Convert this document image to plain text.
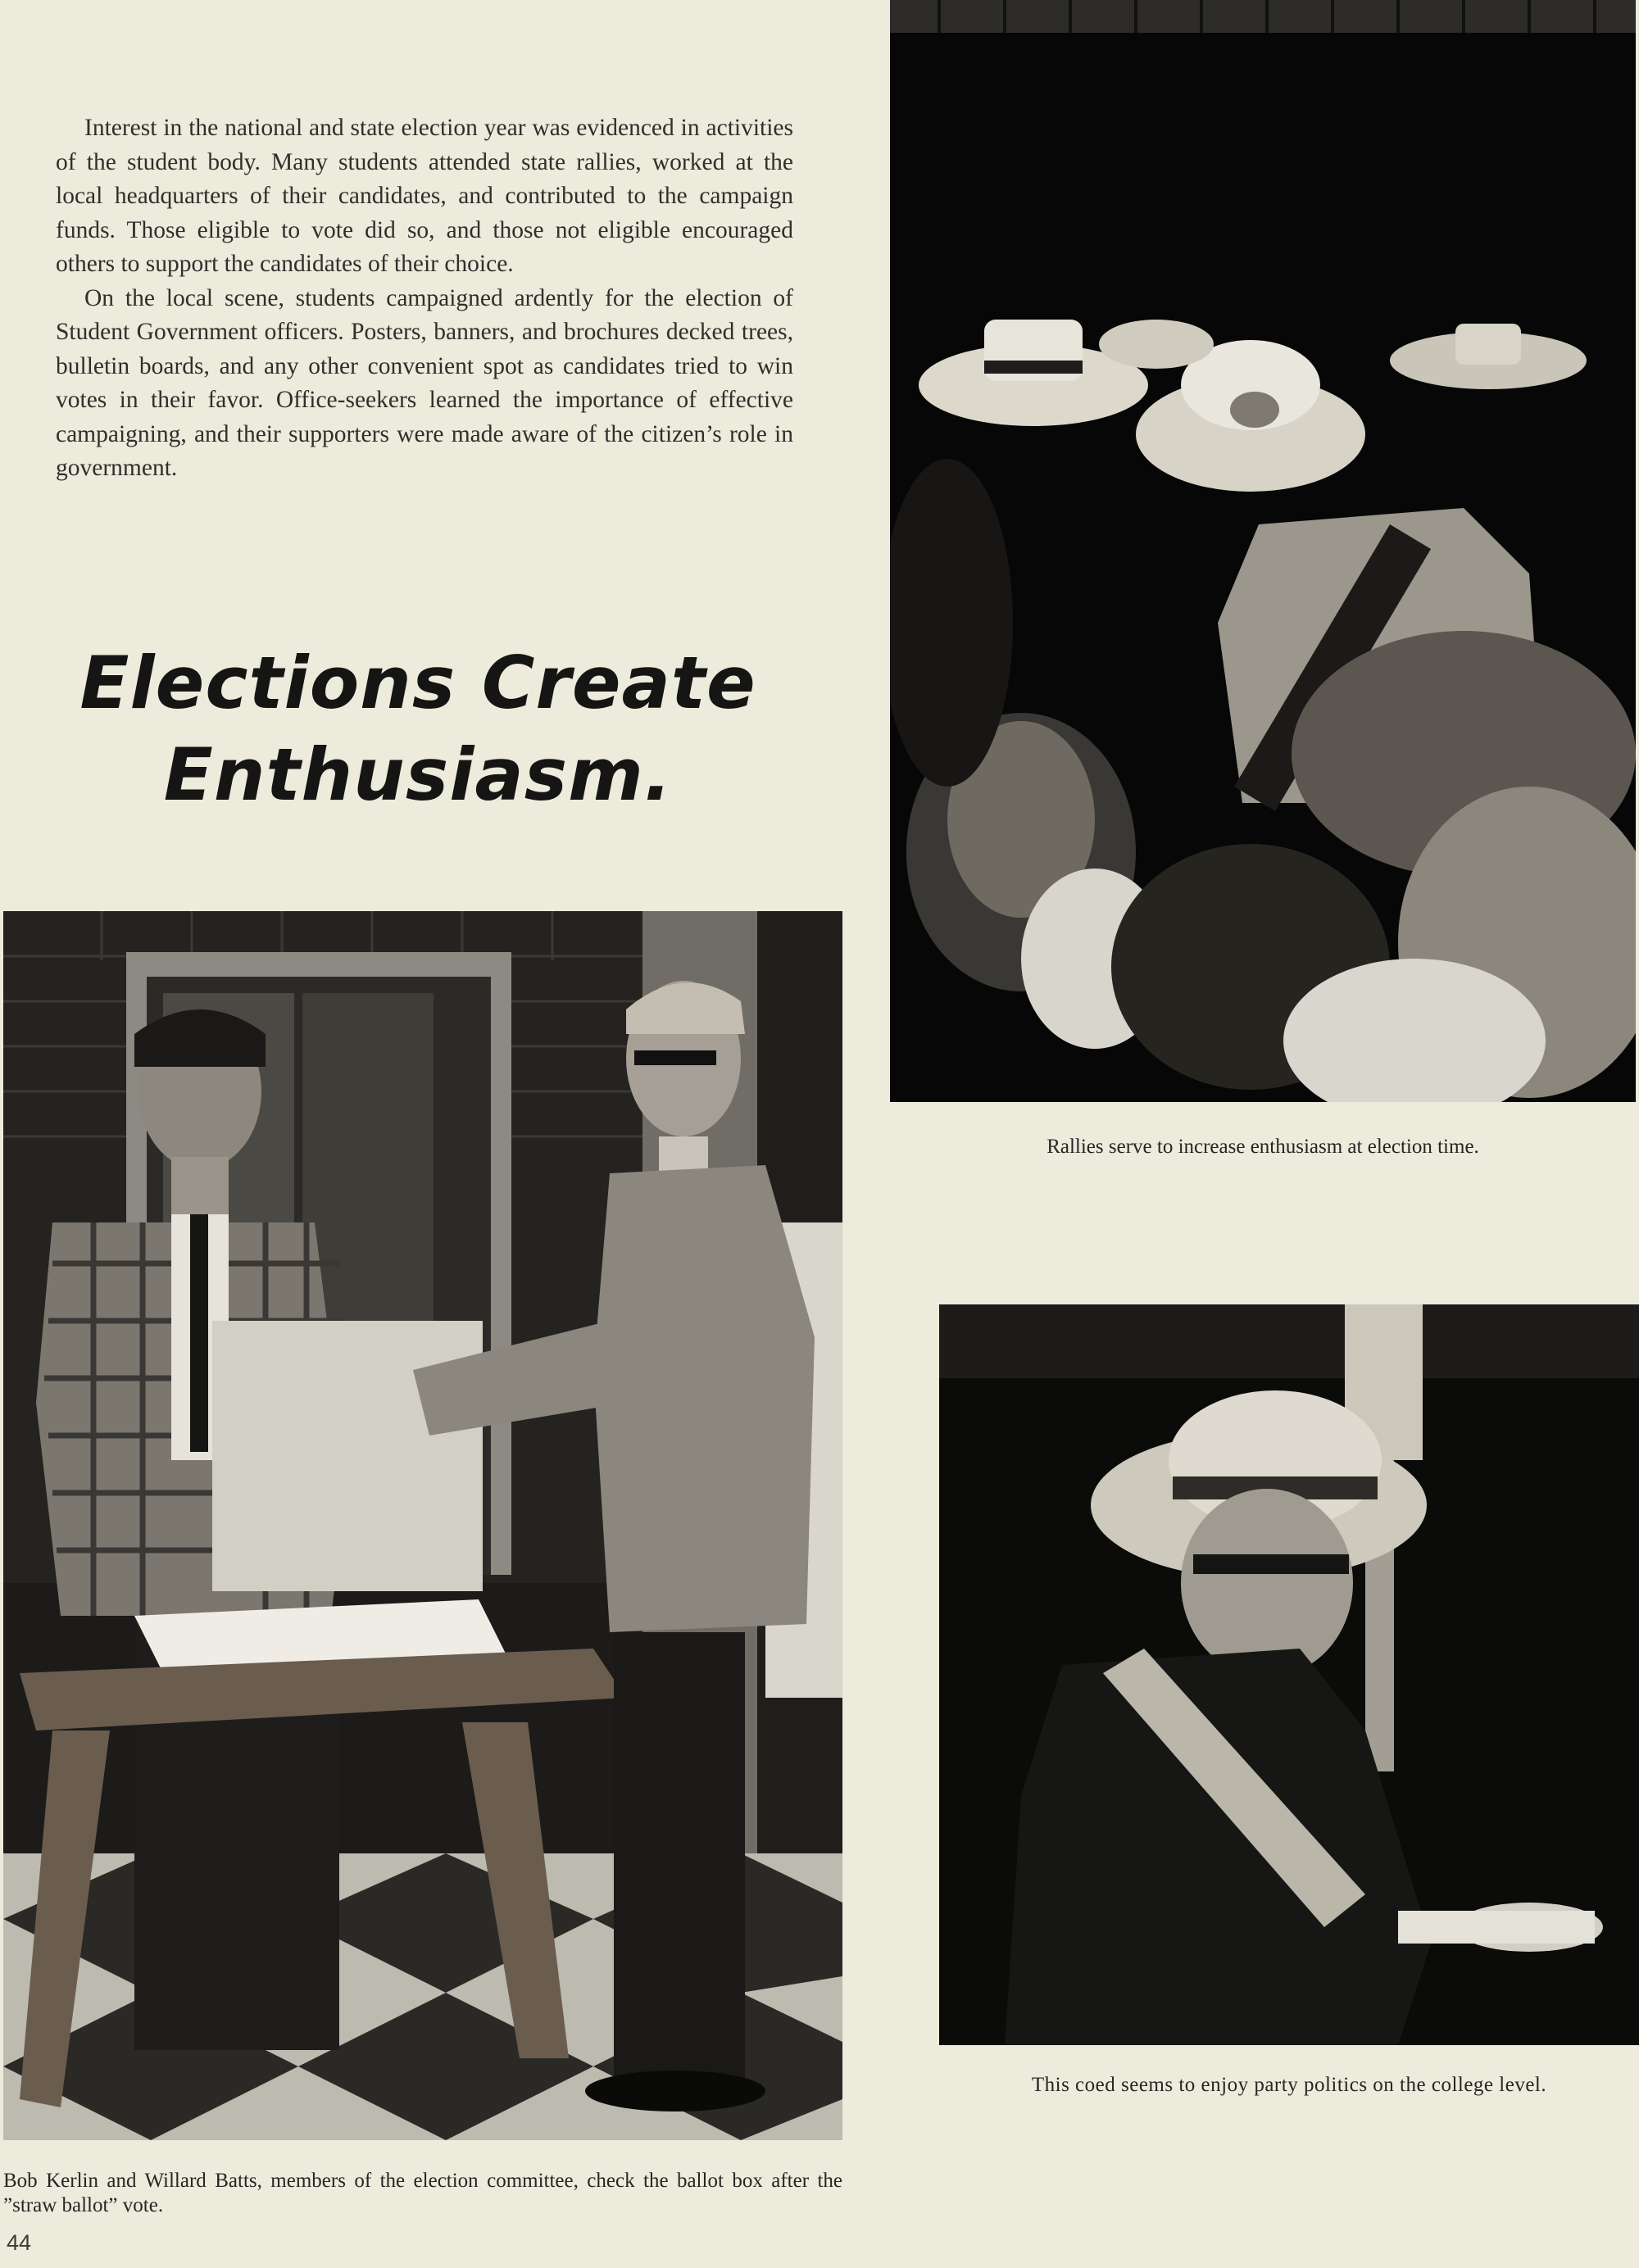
Interest in the national and state election year was evidenced in activities of the student body. Many students attended state rallies, worked at the local headquarters of their candidates, and contributed to the campaign funds. Those eligible to vote did so, and those not eligible encouraged others to support the candidates of their choice.

On the local scene, students campaigned ardently for the election of Student Government officers. Posters, banners, and brochures decked trees, bulletin boards, and any other convenient spot as candidates tried to win votes in their favor. Office-seekers learned the importance of effective campaigning, and their supporters were made aware of the citizen’s role in government.

Elections Create
Enthusiasm.
Rallies serve to increase enthusiasm at election time.
This coed seems to enjoy party politics on the college level.
Bob Kerlin and Willard Batts, members of the election committee, check the ballot box after the ”straw ballot” vote.
44
